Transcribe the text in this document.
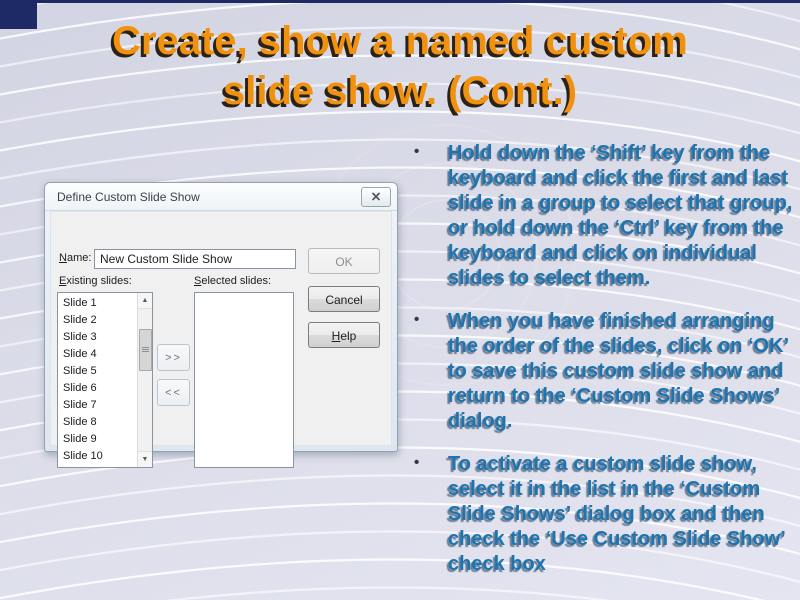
Create, show a named custom
slide show. (Cont.)
• Hold down the ‘Shift’ key from the keyboard and click the first and last slide in a group to select that group, or hold down the ‘Ctrl’ key from the keyboard and click on individual slides to select them.
• When you have finished arranging the order of the slides, click on ‘OK’ to save this custom slide show and return to the ‘Custom Slide Shows’ dialog.
• To activate a custom slide show, select it in the list in the ‘Custom Slide Shows’ dialog box and then check the ‘Use Custom Slide Show’ check box
Define Custom Slide Show
Name:
New Custom Slide Show	OK
Existing slides:	Selected slides:
Cancel
Help
Slide 1
Slide 2
Slide 3
Slide 4
Slide 5
Slide 6
Slide 7
Slide 8
Slide 9
Slide 10
▲
▼
>>
<<
